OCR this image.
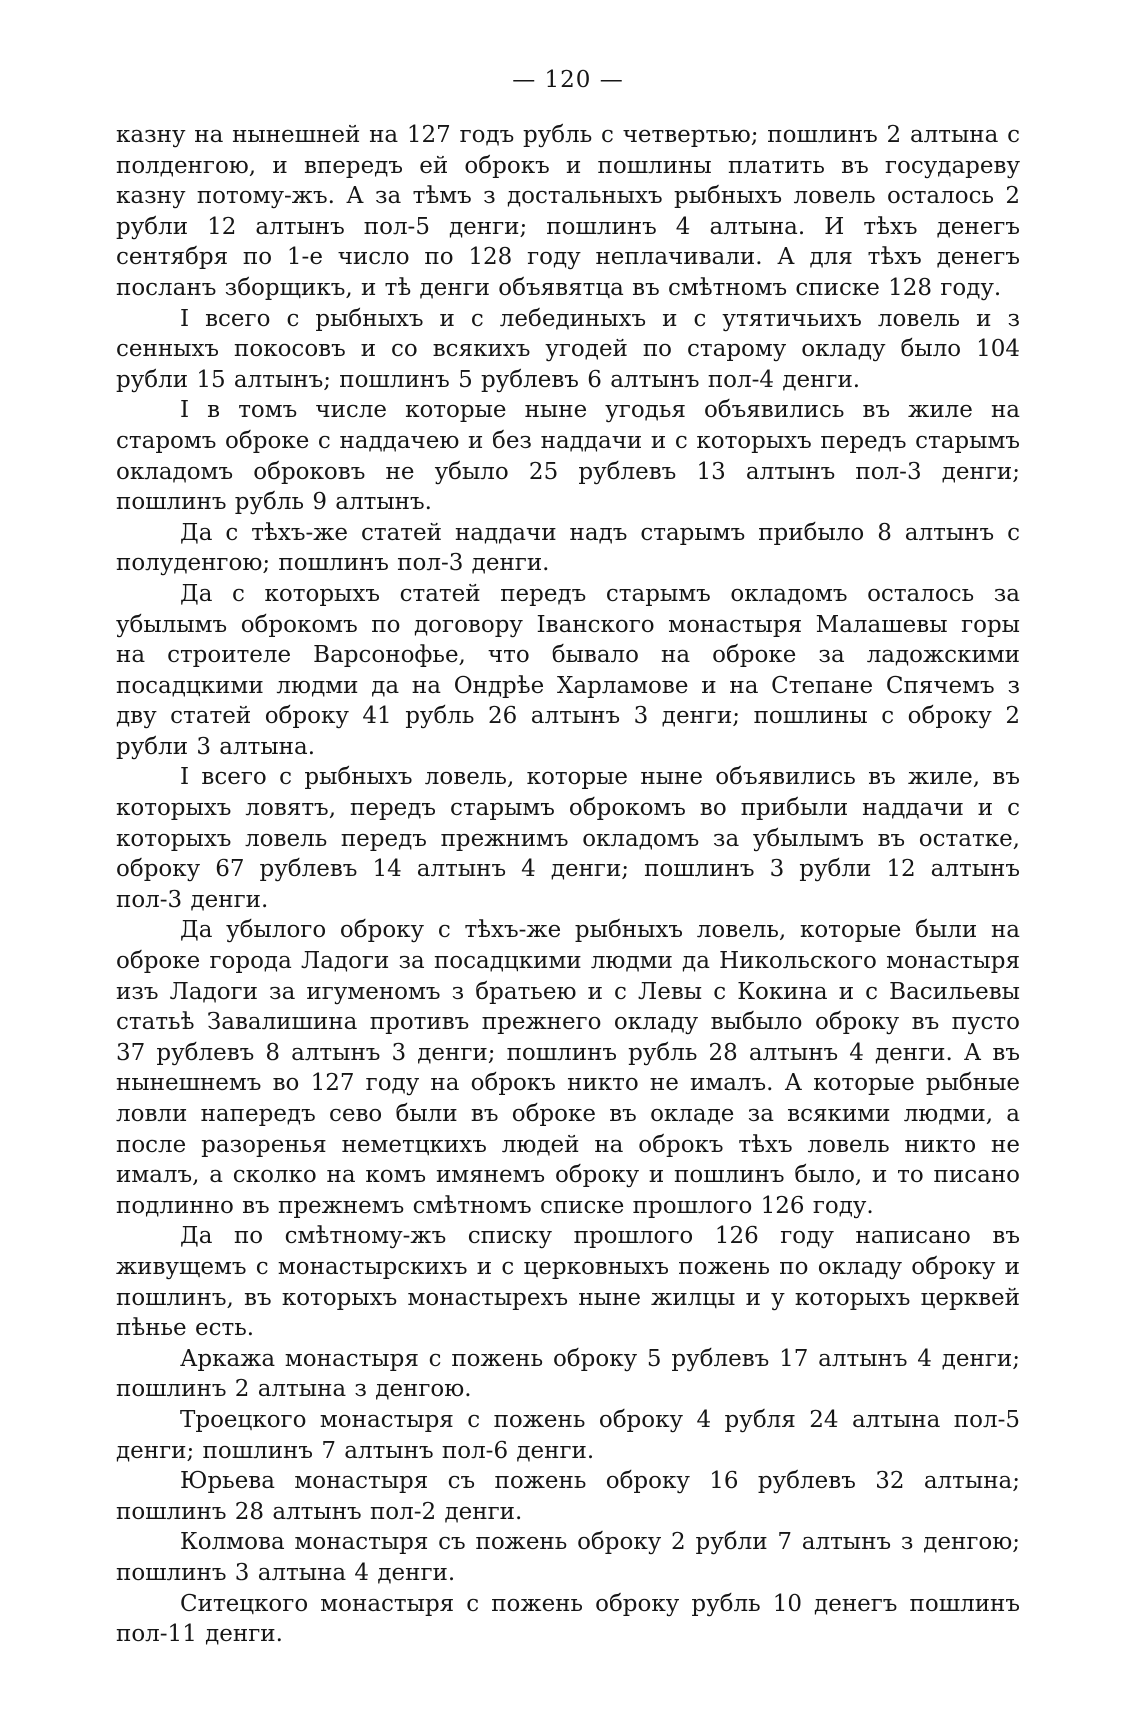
— 120 —

казну на нынешней на 127 годъ рубль с четвертью; пошлинъ 2 алтына с полденгою, и впередъ ей оброкъ и пошлины платить въ государеву казну потому-жъ. А за тѣмъ з достальныхъ рыбныхъ ловель осталось 2 рубли 12 алтынъ пол-5 денги; пошлинъ 4 алтына. И тѣхъ денегъ сентября по 1-е число по 128 году неплачивали. А для тѣхъ денегъ посланъ зборщикъ, и тѣ денги объявятца въ смѣтномъ списке 128 году.

I всего с рыбныхъ и с лебединыхъ и с утятичьихъ ловель и з сенныхъ покосовъ и со всякихъ угодей по старому окладу было 104 рубли 15 алтынъ; пошлинъ 5 рублевъ 6 алтынъ пол-4 денги.

I в томъ числе которые ныне угодья объявились въ жиле на старомъ оброке с наддачею и без наддачи и с которыхъ передъ старымъ окладомъ оброковъ не убыло 25 рублевъ 13 алтынъ пол-3 денги; пошлинъ рубль 9 алтынъ.

Да с тѣхъ-же статей наддачи надъ старымъ прибыло 8 алтынъ с полуденгою; пошлинъ пол-3 денги.

Да с которыхъ статей передъ старымъ окладомъ осталось за убылымъ оброкомъ по договору Іванского монастыря Малашевы горы на строителе Варсонофье, что бывало на оброке за ладожскими посадцкими людми да на Ондрѣе Харламове и на Степане Спячемъ з дву статей оброку 41 рубль 26 алтынъ 3 денги; пошлины с оброку 2 рубли 3 алтына.

I всего с рыбныхъ ловель, которые ныне объявились въ жиле, въ которыхъ ловятъ, передъ старымъ оброкомъ во прибыли наддачи и с которыхъ ловель передъ прежнимъ окладомъ за убылымъ въ остатке, оброку 67 рублевъ 14 алтынъ 4 денги; пошлинъ 3 рубли 12 алтынъ пол-3 денги.

Да убылого оброку с тѣхъ-же рыбныхъ ловель, которые были на оброке города Ладоги за посадцкими людми да Никольского монастыря изъ Ладоги за игуменомъ з братьею и с Левы с Кокина и с Васильевы статьѣ Завалишина противъ прежнего окладу выбыло оброку въ пусто 37 рублевъ 8 алтынъ 3 денги; пошлинъ рубль 28 алтынъ 4 денги. А въ нынешнемъ во 127 году на оброкъ никто не ималъ. А которые рыбные ловли напередъ сево были въ оброке въ окладе за всякими людми, а после разоренья неметцкихъ людей на оброкъ тѣхъ ловель никто не ималъ, а сколко на комъ имянемъ оброку и пошлинъ было, и то писано подлинно въ прежнемъ смѣтномъ списке прошлого 126 году.

Да по смѣтному-жъ списку прошлого 126 году написано въ живущемъ с монастырскихъ и с церковныхъ пожень по окладу оброку и пошлинъ, въ которыхъ монастырехъ ныне жилцы и у которыхъ церквей пѣнье есть.

Аркажа монастыря с пожень оброку 5 рублевъ 17 алтынъ 4 денги; пошлинъ 2 алтына з денгою.

Троецкого монастыря с пожень оброку 4 рубля 24 алтына пол-5 денги; пошлинъ 7 алтынъ пол-6 денги.

Юрьева монастыря съ пожень оброку 16 рублевъ 32 алтына; пошлинъ 28 алтынъ пол-2 денги.

Колмова монастыря съ пожень оброку 2 рубли 7 алтынъ з денгою; пошлинъ 3 алтына 4 денги.

Ситецкого монастыря с пожень оброку рубль 10 денегъ пошлинъ пол-11 денги.
